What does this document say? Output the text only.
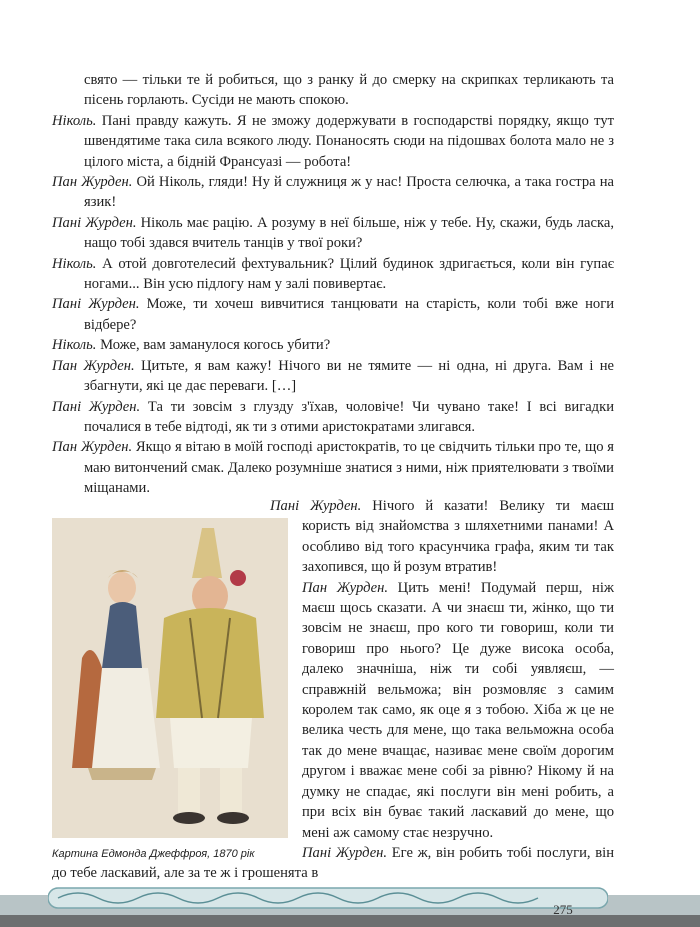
свято — тільки те й робиться, що з ранку й до смерку на скрипках терликають та пісень горлають. Сусіди не мають спокою.

Ніколь. Пані правду кажуть. Я не зможу додержувати в господарстві порядку, якщо тут швендятиме така сила всякого люду. Понаносять сюди на підошвах болота мало не з цілого міста, а бідній Франсуазі — робота!

Пан Журден. Ой Ніколь, гляди! Ну й служниця ж у нас! Проста селючка, а така гостра на язик!

Пані Журден. Ніколь має рацію. А розуму в неї більше, ніж у тебе. Ну, скажи, будь ласка, нащо тобі здався вчитель танців у твої роки?

Ніколь. А отой довготелесий фехтувальник? Цілий будинок здригається, коли він гупає ногами... Він усю підлогу нам у залі повивертає.

Пані Журден. Може, ти хочеш вивчитися танцювати на старість, коли тобі вже ноги відбере?

Ніколь. Може, вам заманулося когось убити?

Пан Журден. Цитьте, я вам кажу! Нічого ви не тямите — ні одна, ні друга. Вам і не збагнути, які це дає переваги. […]

Пані Журден. Та ти зовсім з глузду з'їхав, чоловіче! Чи чувано таке! І всі вигадки почалися в тебе відтоді, як ти з отими аристократами злигався.

Пан Журден. Якщо я вітаю в моїй господі аристократів, то це свідчить тільки про те, що я маю витончений смак. Далеко розумніше знатися з ними, ніж приятелювати з твоїми міщанами.

Пані Журден. Нічого й казати! Велику ти маєш користь від знайомства з шляхетними панами! А особливо від того красунчика графа, яким ти так захопився, що й розум втратив!

Пан Журден. Цить мені! Подумай перш, ніж маєш щось сказати. А чи знаєш ти, жінко, що ти зовсім не знаєш, про кого ти говориш, коли ти говориш про нього? Це дуже висока особа, далеко значніша, ніж ти собі уявляєш, — справжній вельможа; він розмовляє з самим королем так само, як оце я з тобою. Хіба ж це не велика честь для мене, що така вельможна особа так до мене вчащає, називає мене своїм дорогим другом і вважає мене собі за рівню? Нікому й на думку не спадає, які послуги він мені робить, а при всіх він буває такий ласкавий до мене, що мені аж самому стає незручно.

Пані Журден. Еге ж, він робить тобі послуги, він до тебе ласкавий, але за те ж і грошенята в

Картина Едмонда Джеффроя, 1870 рік
275
